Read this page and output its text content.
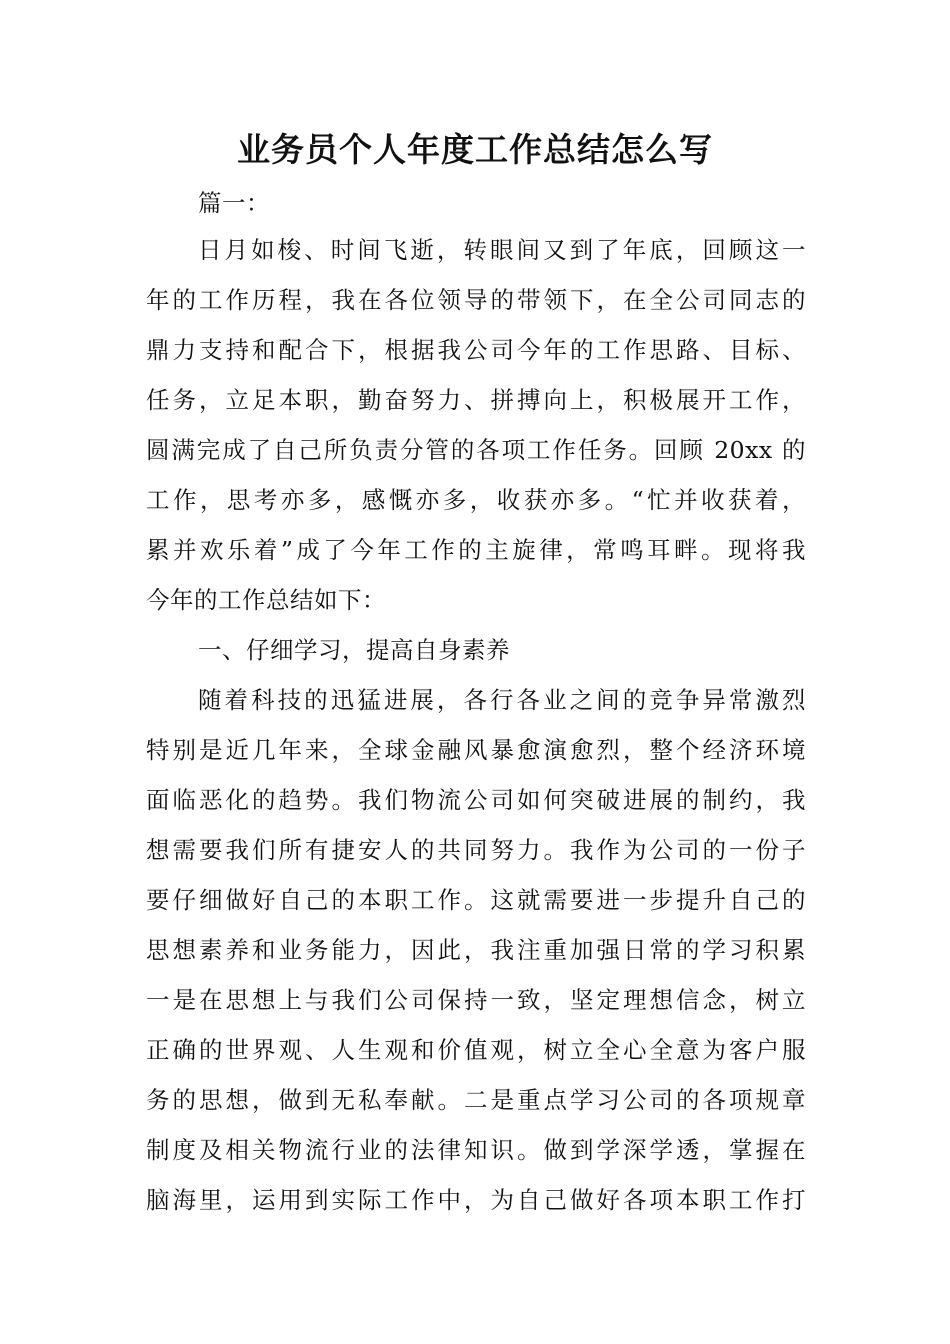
业务员个人年度工作总结怎么写
篇一：
日月如梭、时间飞逝，转眼间又到了年底，回顾这一
年的工作历程，我在各位领导的带领下，在全公司同志的
鼎力支持和配合下，根据我公司今年的工作思路、目标、
任务，立足本职，勤奋努力、拼搏向上，积极展开工作，
圆满完成了自己所负责分管的各项工作任务。回顾 20xx 的
工作，思考亦多，感慨亦多，收获亦多。“忙并收获着，
累并欢乐着”成了今年工作的主旋律，常鸣耳畔。现将我
今年的工作总结如下：
一、仔细学习，提高自身素养
随着科技的迅猛进展，各行各业之间的竞争异常激烈
特别是近几年来，全球金融风暴愈演愈烈，整个经济环境
面临恶化的趋势。我们物流公司如何突破进展的制约，我
想需要我们所有捷安人的共同努力。我作为公司的一份子
要仔细做好自己的本职工作。这就需要进一步提升自己的
思想素养和业务能力，因此，我注重加强日常的学习积累
一是在思想上与我们公司保持一致，坚定理想信念，树立
正确的世界观、人生观和价值观，树立全心全意为客户服
务的思想，做到无私奉献。二是重点学习公司的各项规章
制度及相关物流行业的法律知识。做到学深学透，掌握在
脑海里，运用到实际工作中，为自己做好各项本职工作打
